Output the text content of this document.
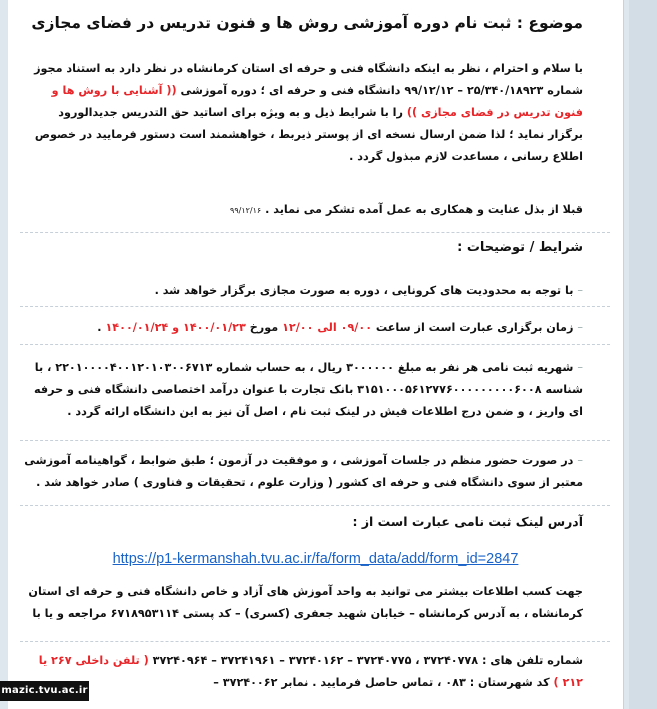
موضوع : ثبت نام دوره آموزشی روش ها و فنون تدریس در فضای مجازی
با سلام و احترام ، نظر به اینکه دانشگاه فنی و حرفه ای استان کرمانشاه در نظر دارد به استناد مجوز شماره ۲۵/۳۴۰/۱۸۹۲۳ – ۹۹/۱۲/۱۲ دانشگاه فنی و حرفه ای ؛ دوره آموزشی (( آشنایی با روش ها و فنون تدریس در فضای مجازی )) را با شرایط ذیل و به ویژه برای اساتید حق التدریس جدیدالورود برگزار نماید ؛ لذا ضمن ارسال نسخه ای از پوستر ذیربط ، خواهشمند است دستور فرمایید در خصوص اطلاع رسانی ، مساعدت لازم مبذول گردد .
قبلا از بذل عنایت و همکاری به عمل آمده تشکر می نماید . ۹۹/۱۲/۱۶
شرایط / توضیحات :
–با توجه به محدودیت های کرونایی ، دوره به صورت مجازی برگزار خواهد شد .
–زمان برگزاری عبارت است از ساعت ۰۹/۰۰ الی ۱۲/۰۰ مورخ ۱۴۰۰/۰۱/۲۳ و ۱۴۰۰/۰۱/۲۴ .
–شهریه ثبت نامی هر نفر به مبلغ ۳۰۰۰۰۰۰ ریال ، به حساب شماره ۲۲۰۱۰۰۰۰۴۰۰۱۲۰۱۰۳۰۰۶۷۱۳ ، با شناسه ۳۱۵۱۰۰۰۵۶۱۲۷۷۶۰۰۰۰۰۰۰۰۰۶۰۰۸ بانک تجارت با عنوان درآمد اختصاصی دانشگاه فنی و حرفه ای واریز ، و ضمن درج اطلاعات فیش در لینک ثبت نام ، اصل آن نیز به این دانشگاه ارائه گردد .
–در صورت حضور منظم در جلسات آموزشی ، و موفقیت در آزمون ؛ طبق ضوابط ، گواهینامه آموزشی معتبر از سوی دانشگاه فنی و حرفه ای کشور ( وزارت علوم ، تحقیقات و فناوری ) صادر خواهد شد .
آدرس لینک ثبت نامی عبارت است از :
https://p1-kermanshah.tvu.ac.ir/fa/form_data/add/form_id=2847
جهت کسب اطلاعات بیشتر می توانید به واحد آموزش های آزاد و خاص دانشگاه فنی و حرفه ای استان کرمانشاه ، به آدرس کرمانشاه – خیابان شهید جعفری (کسری) – کد پستی ۶۷۱۸۹۵۳۱۱۴ مراجعه و یا با
شماره تلفن های : ۳۷۲۴۰۷۷۸ ، ۳۷۲۴۰۷۷۵ – ۳۷۲۴۰۱۶۲ – ۳۷۲۴۱۹۶۱ – ۳۷۲۴۰۹۶۴ ( تلفن داخلی ۲۶۷ یا ۲۱۲ ) کد شهرستان : ۰۸۳ ، تماس حاصل فرمایید . نمابر ۳۷۲۴۰۰۶۲ –
mazic.tvu.ac.ir
